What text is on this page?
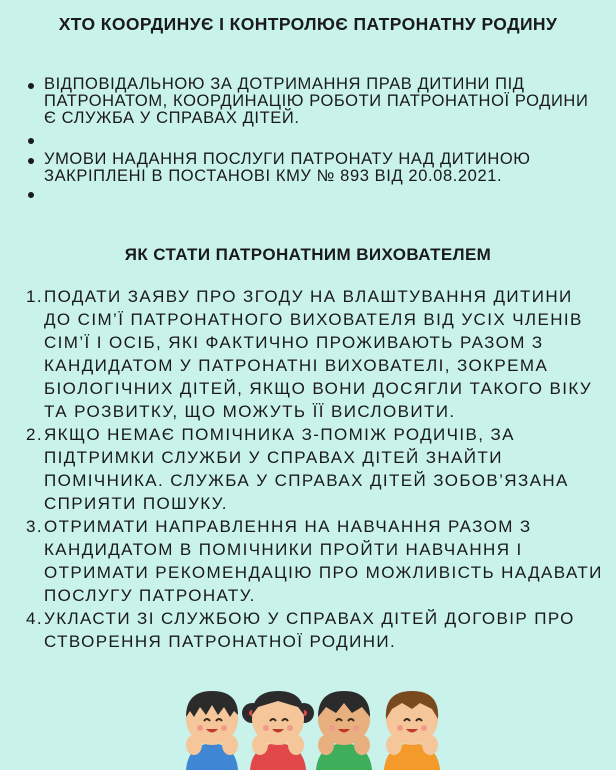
ХТО КООРДИНУЄ І КОНТРОЛЮЄ ПАТРОНАТНУ РОДИНУ
ВІДПОВІДАЛЬНОЮ ЗА ДОТРИМАННЯ ПРАВ ДИТИНИ ПІД ПАТРОНАТОМ, КООРДИНАЦІЮ РОБОТИ ПАТРОНАТНОЇ РОДИНИ Є СЛУЖБА У СПРАВАХ ДІТЕЙ.
УМОВИ НАДАННЯ ПОСЛУГИ ПАТРОНАТУ НАД ДИТИНОЮ ЗАКРІПЛЕНІ В ПОСТАНОВІ КМУ № 893 ВІД 20.08.2021.
ЯК СТАТИ ПАТРОНАТНИМ ВИХОВАТЕЛЕМ
1. ПОДАТИ ЗАЯВУ ПРО ЗГОДУ НА ВЛАШТУВАННЯ ДИТИНИ ДО СІМ’Ї ПАТРОНАТНОГО ВИХОВАТЕЛЯ ВІД УСІХ ЧЛЕНІВ СІМ’Ї І ОСІБ, ЯКІ ФАКТИЧНО ПРОЖИВАЮТЬ РАЗОМ З КАНДИДАТОМ У ПАТРОНАТНІ ВИХОВАТЕЛІ, ЗОКРЕМА БІОЛОГІЧНИХ ДІТЕЙ, ЯКЩО ВОНИ ДОСЯГЛИ ТАКОГО ВІКУ ТА РОЗВИТКУ, ЩО МОЖУТЬ ЇЇ ВИСЛОВИТИ.
2. ЯКЩО НЕМАЄ ПОМІЧНИКА З-ПОМІЖ РОДИЧІВ, ЗА ПІДТРИМКИ СЛУЖБИ У СПРАВАХ ДІТЕЙ ЗНАЙТИ ПОМІЧНИКА. СЛУЖБА У СПРАВАХ ДІТЕЙ ЗОБОВ’ЯЗАНА СПРИЯТИ ПОШУКУ.
3. ОТРИМАТИ НАПРАВЛЕННЯ НА НАВЧАННЯ РАЗОМ З КАНДИДАТОМ В ПОМІЧНИКИ ПРОЙТИ НАВЧАННЯ І ОТРИМАТИ РЕКОМЕНДАЦІЮ ПРО МОЖЛИВІСТЬ НАДАВАТИ ПОСЛУГУ ПАТРОНАТУ.
4. УКЛАСТИ ЗІ СЛУЖБОЮ У СПРАВАХ ДІТЕЙ ДОГОВІР ПРО СТВОРЕННЯ ПАТРОНАТНОЇ РОДИНИ.
